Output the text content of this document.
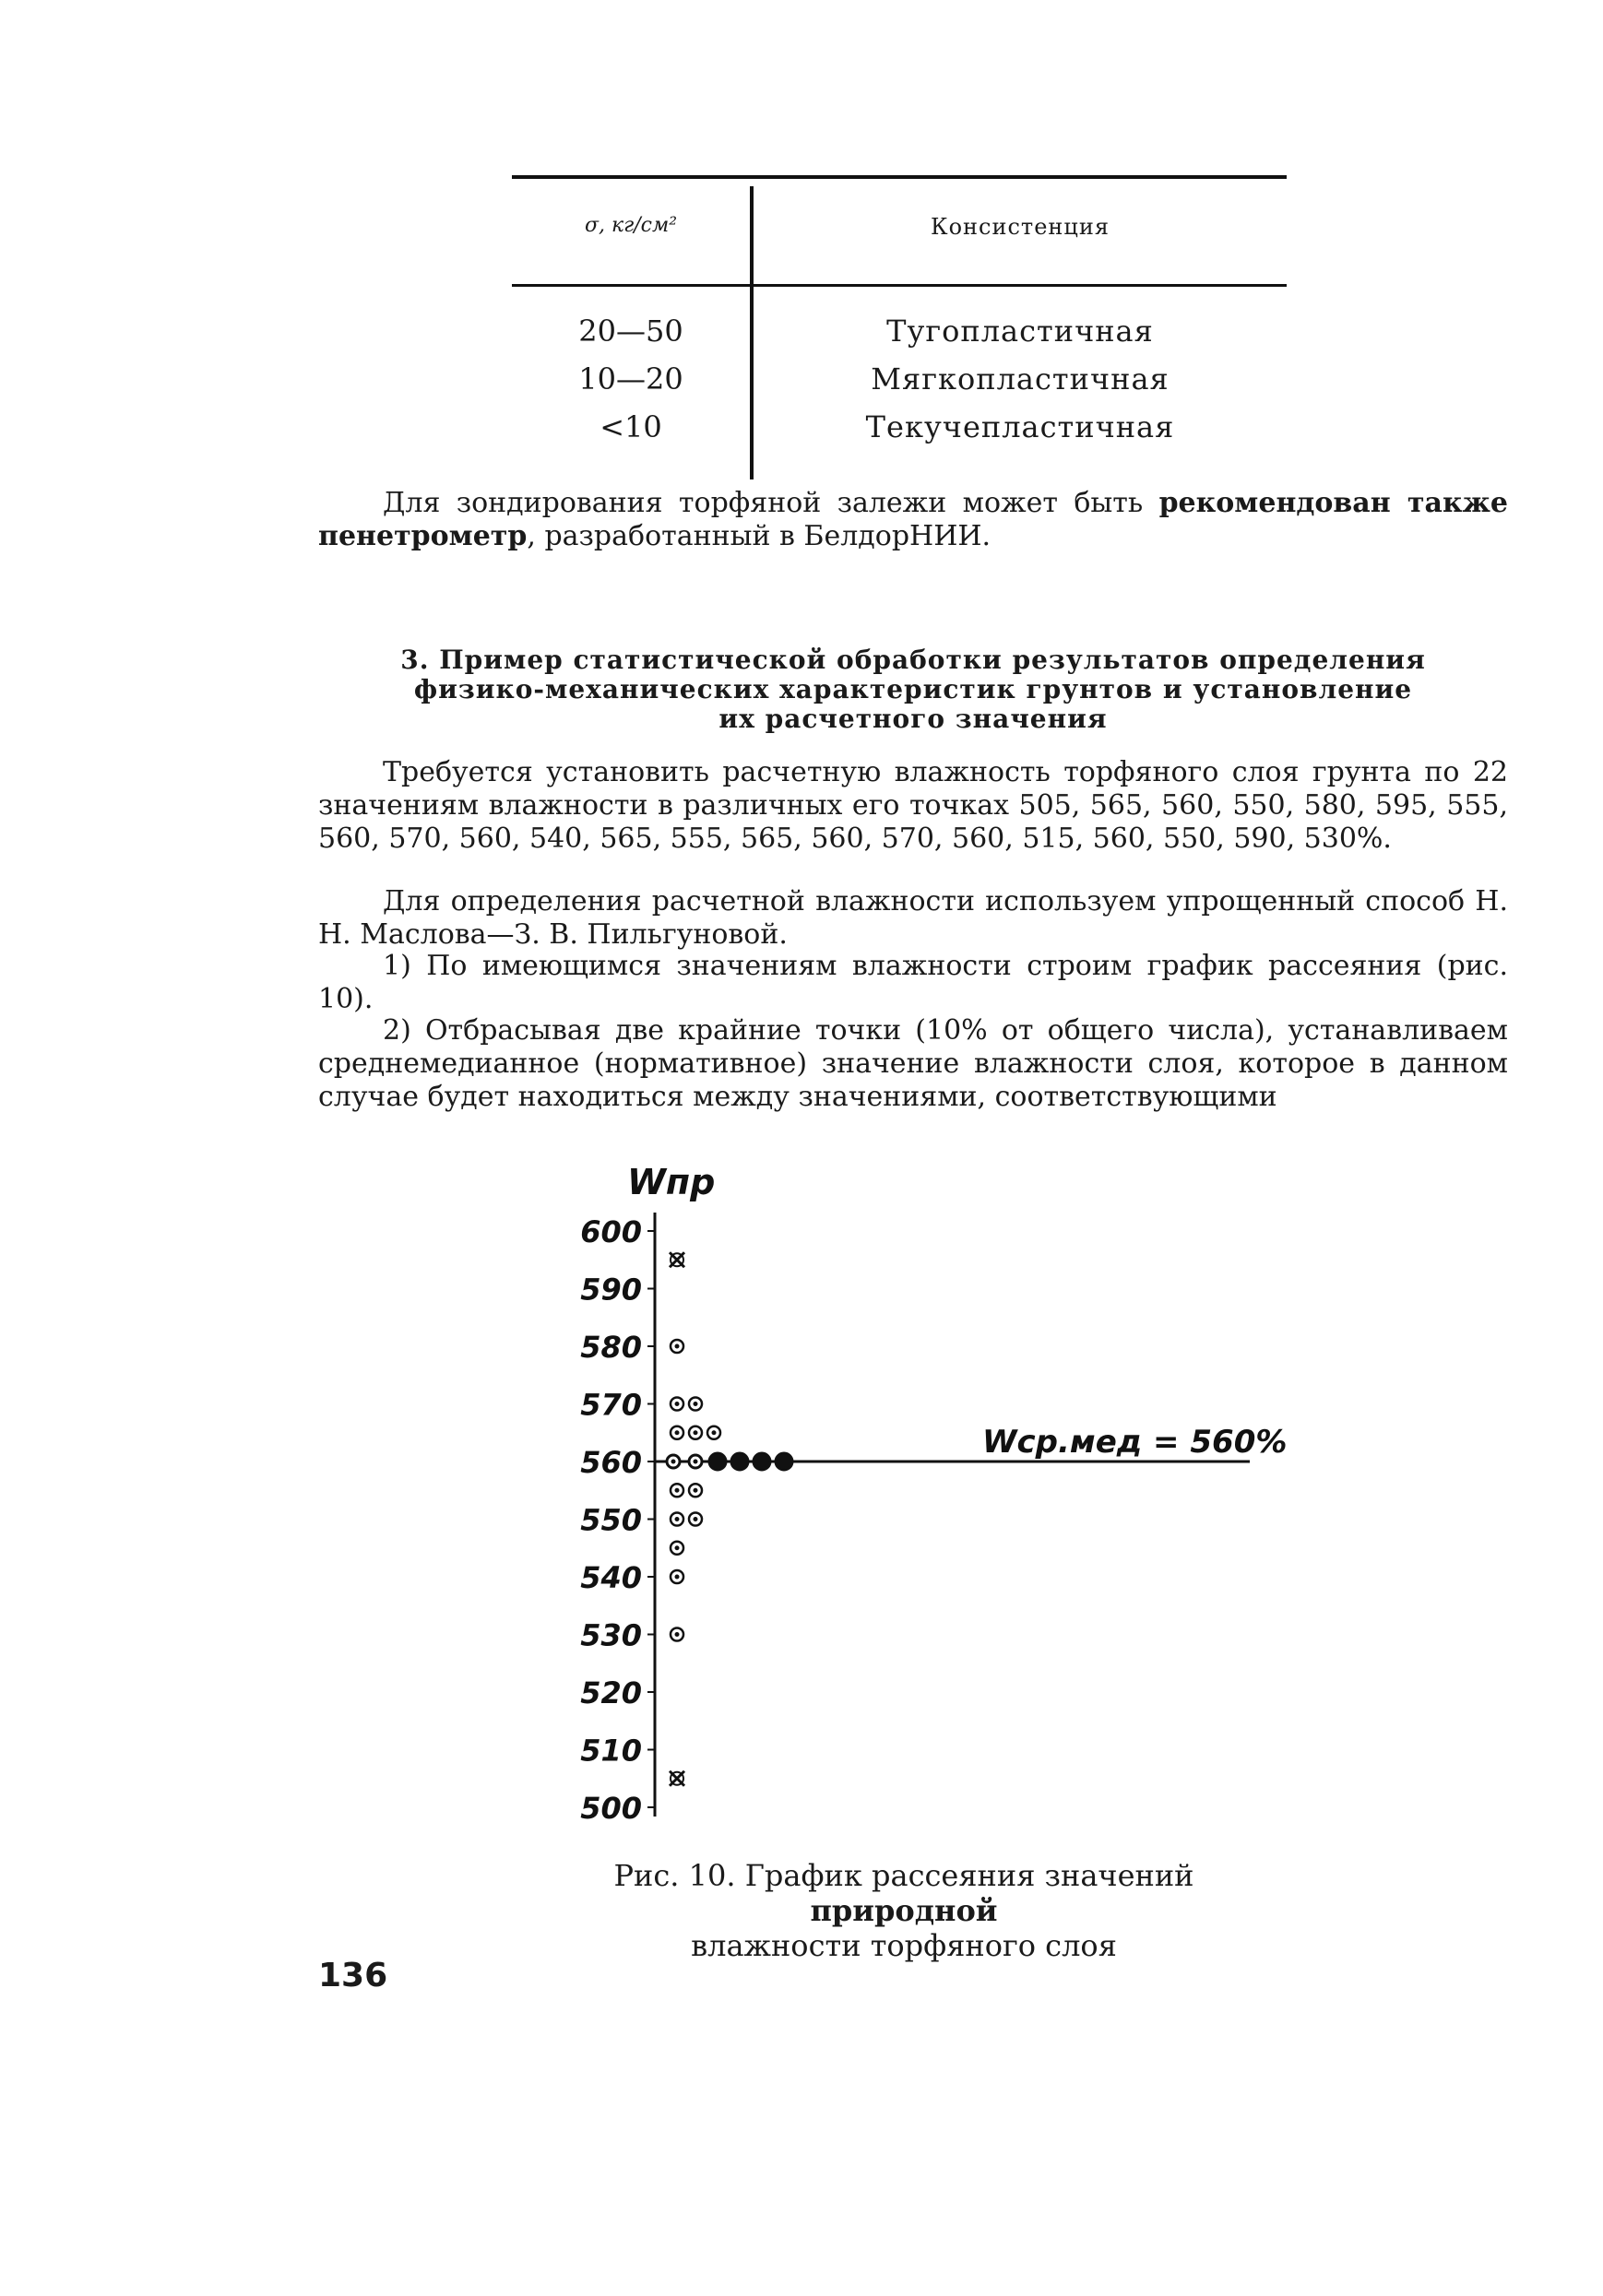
σ, кг/см²	Консистенция
20—50	Тугопластичная
10—20	Мягкопластичная
<10	Текучепластичная

Для зондирования торфяной залежи может быть рекомендован также пенетрометр, разработанный в БелдорНИИ.

3. Пример статистической обработки результатов определения
физико-механических характеристик грунтов и установление
их расчетного значения

Требуется установить расчетную влажность торфяного слоя грунта по 22 значениям влажности в различных его точках 505, 565, 560, 550, 580, 595, 555, 560, 570, 560, 540, 565, 555, 565, 560, 570, 560, 515, 560, 550, 590, 530%.

Для определения расчетной влажности используем упрощенный способ Н. Н. Маслова—З. В. Пильгуновой.

1) По имеющимся значениям влажности строим график рассеяния (рис. 10).

2) Отбрасывая две крайние точки (10% от общего числа), устанавливаем среднемедианное (нормативное) значение влажности слоя, которое в данном случае будет находиться между значениями, соответствующими

Wпр
600
590
580
570
560
550
540
530
520
510
500
Wср.мед = 560%
Рис. 10. График рассеяния значений природной
влажности торфяного слоя
136
